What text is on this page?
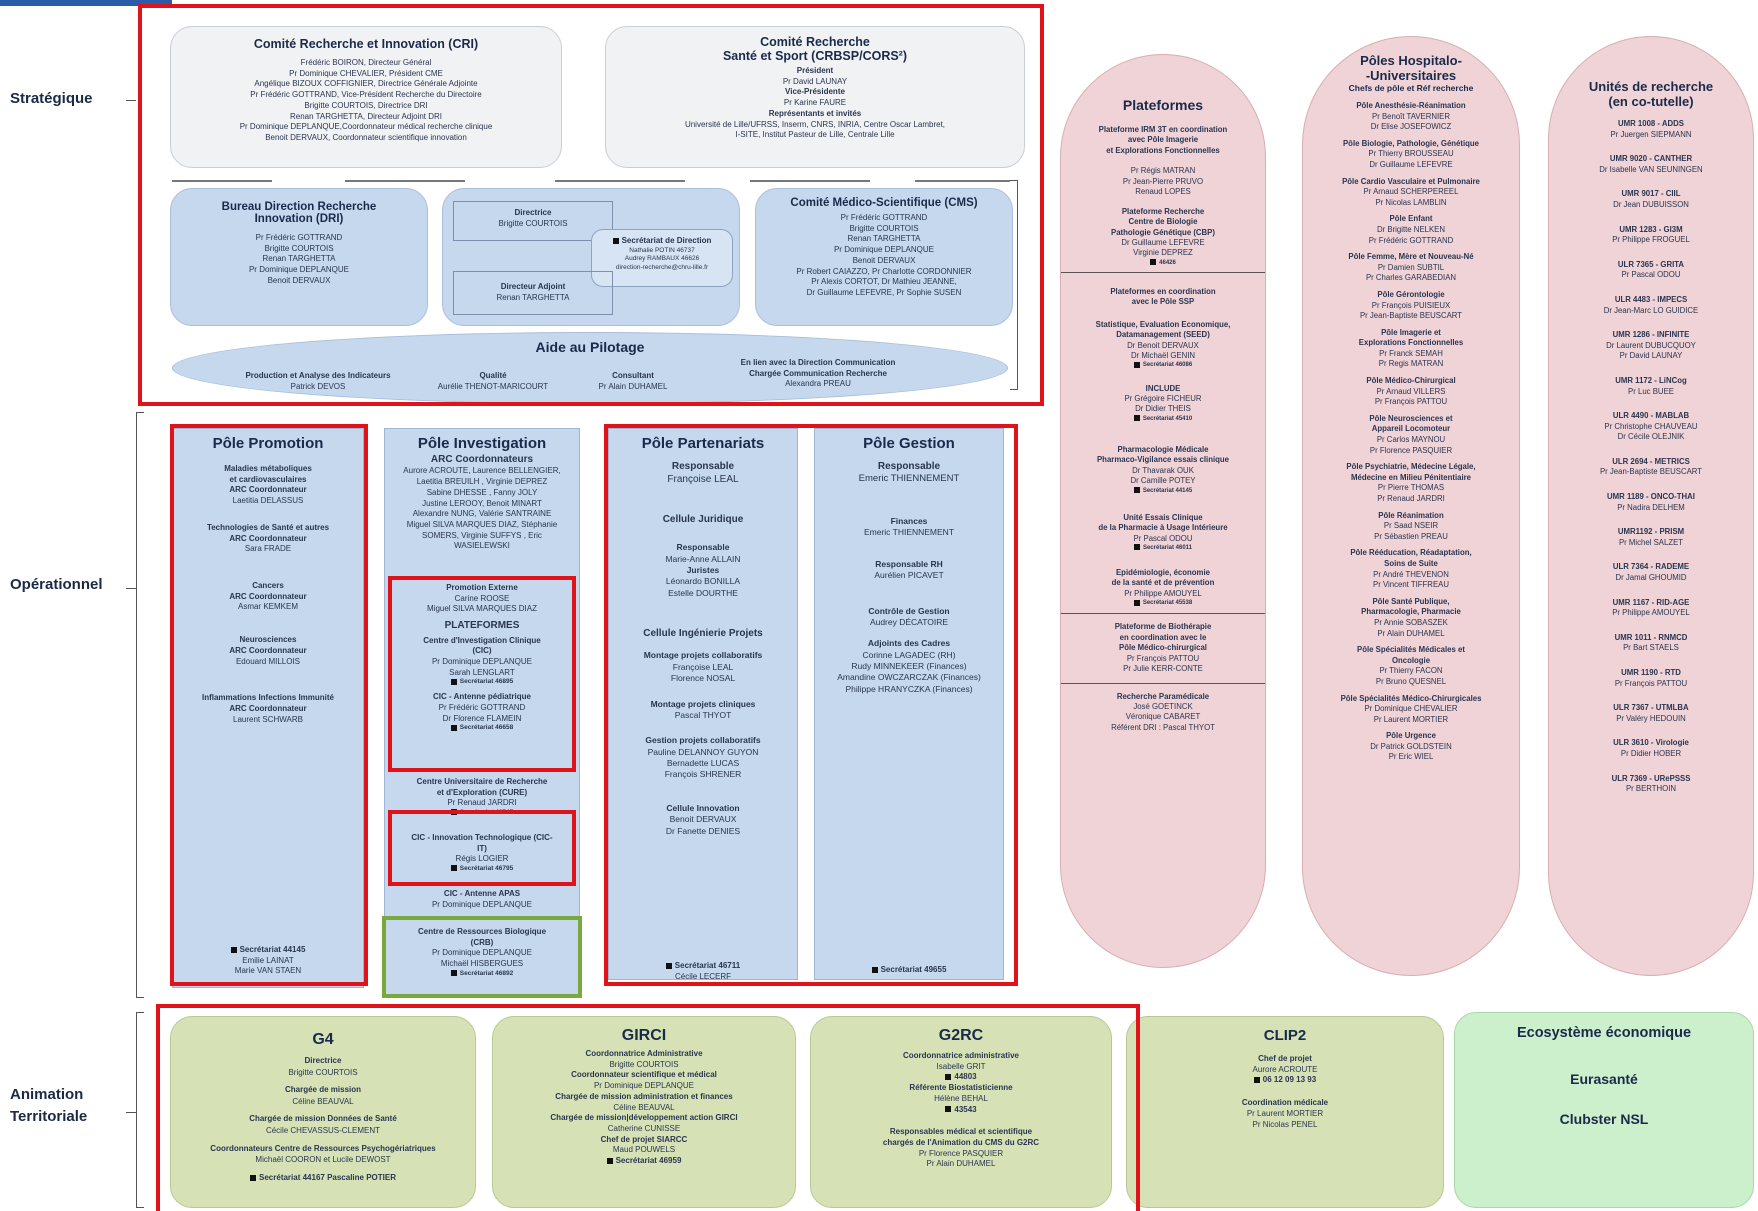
Stratégique
Opérationnel
Animation
Territoriale
Comité Recherche et Innovation (CRI)
Frédéric BOIRON, Directeur Général
Pr Dominique CHEVALIER, Président CME
Angélique BIZOUX COFFIGNIER, Directrice Générale Adjointe
Pr Frédéric GOTTRAND, Vice-Président Recherche du Directoire
Brigitte COURTOIS, Directrice DRI
Renan TARGHETTA, Directeur Adjoint DRI
Pr Dominique DEPLANQUE,Coordonnateur médical recherche clinique
Benoit DERVAUX, Coordonnateur scientifique innovation
Comité Recherche
Santé et Sport (CRBSP/CORS²)
Président
Pr David LAUNAY
Vice-Présidente
Pr Karine FAURE
Représentants et invités
Université de Lille/UFRSS, Inserm, CNRS, INRIA, Centre Oscar Lambret,
I-SITE, Institut Pasteur de Lille, Centrale Lille
Bureau Direction Recherche
Innovation (DRI)
Pr Frédéric GOTTRAND
Brigitte COURTOIS
Renan TARGHETTA
Pr Dominique DEPLANQUE
Benoit DERVAUX
Directrice
Brigitte COURTOIS
Secrétariat de Direction
Nathalie POTIN 46737
Audrey RAMBAUX 46626
direction-recherche@chru-lille.fr
Directeur Adjoint
Renan TARGHETTA
Comité Médico-Scientifique (CMS)
Pr Frédéric GOTTRAND
Brigitte COURTOIS
Renan TARGHETTA
Pr Dominique DEPLANQUE
Benoit DERVAUX
Pr Robert CAIAZZO, Pr Charlotte CORDONNIER
Pr Alexis CORTOT, Dr Mathieu JEANNE,
Dr Guillaume LEFEVRE, Pr Sophie SUSEN
Aide au Pilotage
Production et Analyse des Indicateurs
Patrick DEVOS
Qualité
Aurélie THENOT-MARICOURT
Consultant
Pr Alain DUHAMEL
En lien avec la Direction Communication
Chargée Communication Recherche
Alexandra PREAU
Pôle Promotion
Maladies métaboliques
et cardiovasculaires
ARC Coordonnateur
Laetitia DELASSUS
Technologies de Santé et autres
ARC Coordonnateur
Sara FRADE
Cancers
ARC Coordonnateur
Asmar KEMKEM
Neurosciences
ARC Coordonnateur
Edouard MILLOIS
Inflammations Infections Immunité
ARC Coordonnateur
Laurent SCHWARB
Secrétariat 44145
Emilie LAINAT
Marie VAN STAEN
Pôle Investigation
ARC Coordonnateurs
Aurore ACROUTE, Laurence BELLENGIER,
Laetitia BREUILH , Virginie DEPREZ
Sabine DHESSE , Fanny JOLY
Justine LEROOY, Benoit MINART
Alexandre NUNG, Valérie SANTRAINE
Miguel SILVA MARQUES DIAZ, Stéphanie
SOMERS, Virginie SUFFYS , Eric
WASIELEWSKI
Promotion Externe
Carine ROOSE
Miguel SILVA MARQUES DIAZ
PLATEFORMES
Centre d'Investigation Clinique
(CIC)
Pr Dominique DEPLANQUE
Sarah LENGLART
Secrétariat 46895
CIC - Antenne pédiatrique
Pr Frédéric GOTTRAND
Dr Florence FLAMEIN
Secrétariat 46658
Centre Universitaire de Recherche
et d'Exploration (CURE)
Pr Renaud JARDRI
Secrétariat 46747
CIC - Innovation Technologique (CIC-
IT)
Régis LOGIER
Secrétariat 46795
CIC - Antenne APAS
Pr Dominique DEPLANQUE
Centre de Ressources Biologique
(CRB)
Pr Dominique DEPLANQUE
Michaël HISBERGUES
Secrétariat 46892
Pôle Partenariats
Responsable
Françoise LEAL
Cellule Juridique
Responsable
Marie-Anne ALLAIN
Juristes
Léonardo BONILLA
Estelle DOURTHE
Cellule Ingénierie Projets
Montage projets collaboratifs
Françoise LEAL
Florence NOSAL
Montage projets cliniques
Pascal THYOT
Gestion projets collaboratifs
Pauline DELANNOY GUYON
Bernadette LUCAS
François SHRENER
Cellule Innovation
Benoit DERVAUX
Dr Fanette DENIES
Secrétariat 46711
Cécile LECERF
Pôle Gestion
Responsable
Emeric THIENNEMENT
Finances
Emeric THIENNEMENT
Responsable RH
Aurélien PICAVET
Contrôle de Gestion
Audrey DÉCATOIRE
Adjoints des Cadres
Corinne LAGADEC (RH)
Rudy MINNEKEER (Finances)
Amandine OWCZARCZAK (Finances)
Philippe HRANYCZKA (Finances)
Secrétariat 49655
Plateformes
Plateforme IRM 3T en coordination
avec Pôle Imagerie
et Explorations Fonctionnelles
Pr Régis MATRAN
Pr Jean-Pierre PRUVO
Renaud LOPES
Plateforme Recherche
Centre de Biologie
Pathologie Génétique (CBP)
Dr Guillaume LEFEVRE
Virginie DEPREZ
46426
Plateformes en coordination
avec le Pôle SSP
Statistique, Evaluation Economique,
Datamanagement (SEED)
Dr Benoit DERVAUX
Dr Michaël GENIN
Secrétariat 46086
INCLUDE
Pr Grégoire FICHEUR
Dr Didier THEIS
Secrétariat 45410
Pharmacologie Médicale
Pharmaco-Vigilance essais clinique
Dr Thavarak OUK
Dr Camille POTEY
Secrétariat 44145
Unité Essais Clinique
de la Pharmacie à Usage Intérieure
Pr Pascal ODOU
Secrétariat 46011
Epidémiologie, économie
de la santé et de prévention
Pr Philippe AMOUYEL
Secrétariat 45538
Plateforme de Biothérapie
en coordination avec le
Pôle Médico-chirurgical
Pr François PATTOU
Pr Julie KERR-CONTE
Recherche Paramédicale
José GOETINCK
Véronique CABARET
Référent DRI : Pascal THYOT
Pôles Hospitalo-
-Universitaires
Chefs de pôle et Réf recherche
Pôle Anesthésie-Réanimation
Pr Benoît TAVERNIER
Dr Elise JOSEFOWICZ
Pôle Biologie, Pathologie, Génétique
Pr Thierry BROUSSEAU
Dr Guillaume LEFEVRE
Pôle Cardio Vasculaire et Pulmonaire
Pr Arnaud SCHERPEREEL
Pr Nicolas LAMBLIN
Pôle Enfant
Dr Brigitte NELKEN
Pr Frédéric GOTTRAND
Pôle Femme, Mère et Nouveau-Né
Pr Damien SUBTIL
Pr Charles GARABEDIAN
Pôle Gérontologie
Pr François PUISIEUX
Pr Jean-Baptiste BEUSCART
Pôle Imagerie et
Explorations Fonctionnelles
Pr Franck SEMAH
Pr Regis MATRAN
Pôle Médico-Chirurgical
Pr Arnaud VILLERS
Pr François PATTOU
Pôle Neurosciences et
Appareil Locomoteur
Pr Carlos MAYNOU
Pr Florence PASQUIER
Pôle Psychiatrie, Médecine Légale,
Médecine en Milieu Pénitentiaire
Pr Pierre THOMAS
Pr Renaud JARDRI
Pôle Réanimation
Pr Saad NSEIR
Pr Sébastien PREAU
Pôle Rééducation, Réadaptation,
Soins de Suite
Pr André THEVENON
Pr Vincent TIFFREAU
Pôle Santé Publique,
Pharmacologie, Pharmacie
Pr Annie SOBASZEK
Pr Alain DUHAMEL
Pôle Spécialités Médicales et
Oncologie
Pr Thierry FACON
Pr Bruno QUESNEL
Pôle Spécialités Médico-Chirurgicales
Pr Dominique CHEVALIER
Pr Laurent MORTIER
Pôle Urgence
Dr Patrick GOLDSTEIN
Pr Eric WIEL
Unités de recherche
(en co-tutelle)
UMR 1008 - ADDS
Pr Juergen SIEPMANN
UMR 9020 - CANTHER
Dr Isabelle VAN SEUNINGEN
UMR 9017 - CIIL
Dr Jean DUBUISSON
UMR 1283 - GI3M
Pr Philippe FROGUEL
ULR 7365 - GRITA
Pr Pascal ODOU
ULR 4483 - IMPECS
Dr Jean-Marc LO GUIDICE
UMR 1286 - INFINITE
Dr Laurent DUBUCQUOY
Pr David LAUNAY
UMR 1172 - LiNCog
Pr Luc BUEE
ULR 4490 - MABLAB
Pr Christophe CHAUVEAU
Dr Cécile OLEJNIK
ULR 2694 - METRICS
Pr Jean-Baptiste BEUSCART
UMR 1189 - ONCO-THAI
Pr Nadira DELHEM
UMR1192 - PRISM
Pr Michel SALZET
ULR 7364 - RADEME
Dr Jamal GHOUMID
UMR 1167 - RID-AGE
Pr Philippe AMOUYEL
UMR 1011 - RNMCD
Pr Bart STAELS
UMR 1190 - RTD
Pr François PATTOU
ULR 7367 - UTMLBA
Pr Valéry HEDOUIN
ULR 3610 - Virologie
Pr Didier HOBER
ULR 7369 - URePSSS
Pr BERTHOIN
G4
Directrice
Brigitte COURTOIS
Chargée de mission
Céline BEAUVAL
Chargée de mission Données de Santé
Cécile CHEVASSUS-CLEMENT
Coordonnateurs Centre de Ressources Psychogériatriques
Michaël COORON et Lucile DEWOST
Secrétariat 44167 Pascaline POTIER
GIRCI
Coordonnatrice Administrative
Brigitte COURTOIS
Coordonnateur scientifique et médical
Pr Dominique DEPLANQUE
Chargée de mission administration et finances
Céline BEAUVAL
Chargée de mission|développement action GIRCI
Catherine CUNISSE
Chef de projet SIARCC
Maud POUWELS
Secrétariat 46959
G2RC
Coordonnatrice administrative
Isabelle GRIT
44803
Référente Biostatisticienne
Hélène BEHAL
43543
Responsables médical et scientifique
chargés de l'Animation du CMS du G2RC
Pr Florence PASQUIER
Pr Alain DUHAMEL
CLIP2
Chef de projet
Aurore ACROUTE
06 12 09 13 93
Coordination médicale
Pr Laurent MORTIER
Pr Nicolas PENEL
Ecosystème économique
Eurasanté
Clubster NSL
